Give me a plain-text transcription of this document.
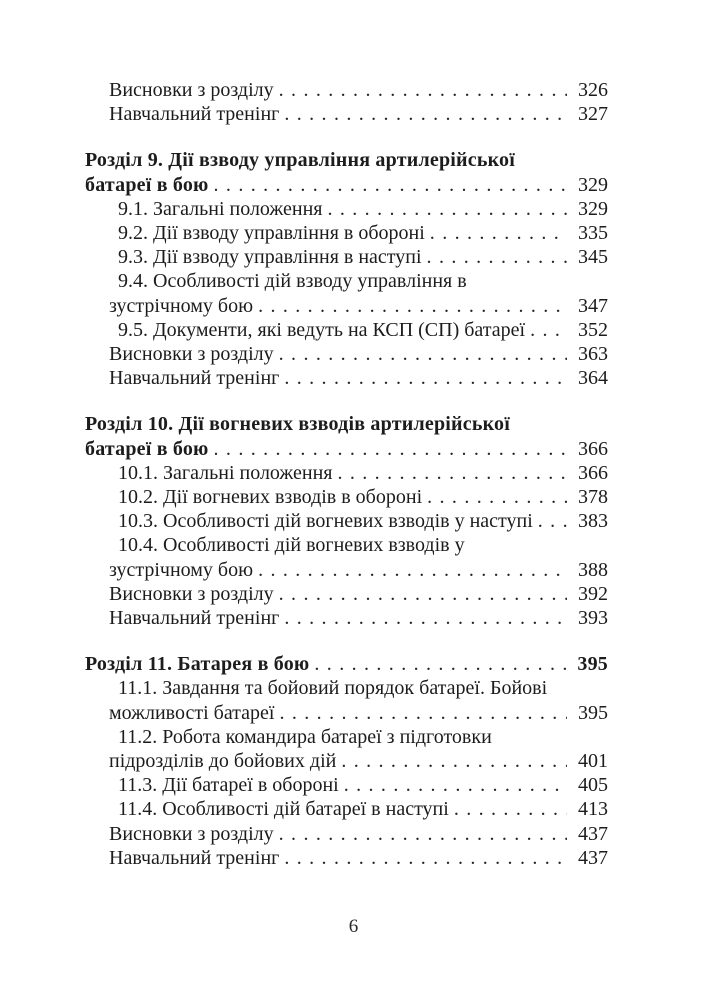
Висновки з розділу . . .	326
Навчальний тренінг . . .	327
Розділ 9. Дії взводу управління артилерійської
батареї в бою . . .	329
9.1. Загальні положення . . .	329
9.2. Дії взводу управління в обороні . . .	335
9.3. Дії взводу управління в наступі . . .	345
9.4. Особливості дій взводу управління в
зустрічному бою . . .	347
9.5. Документи, які ведуть на КСП (СП) батареї . . .	352
Висновки з розділу . . .	363
Навчальний тренінг . . .	364
Розділ 10. Дії вогневих взводів артилерійської
батареї в бою . . .	366
10.1. Загальні положення . . .	366
10.2. Дії вогневих взводів в обороні . . .	378
10.3. Особливості дій вогневих взводів у наступі . . .	383
10.4. Особливості дій вогневих взводів у
зустрічному бою . . .	388
Висновки з розділу . . .	392
Навчальний тренінг . . .	393
Розділ 11. Батарея в бою . . .	395
11.1. Завдання та бойовий порядок батареї. Бойові
можливості батареї . . .	395
11.2. Робота командира батареї з підготовки
підрозділів до бойових дій . . .	401
11.3. Дії батареї в обороні . . .	405
11.4. Особливості дій батареї в наступі . . .	413
Висновки з розділу . . .	437
Навчальний тренінг . . .	437
6
